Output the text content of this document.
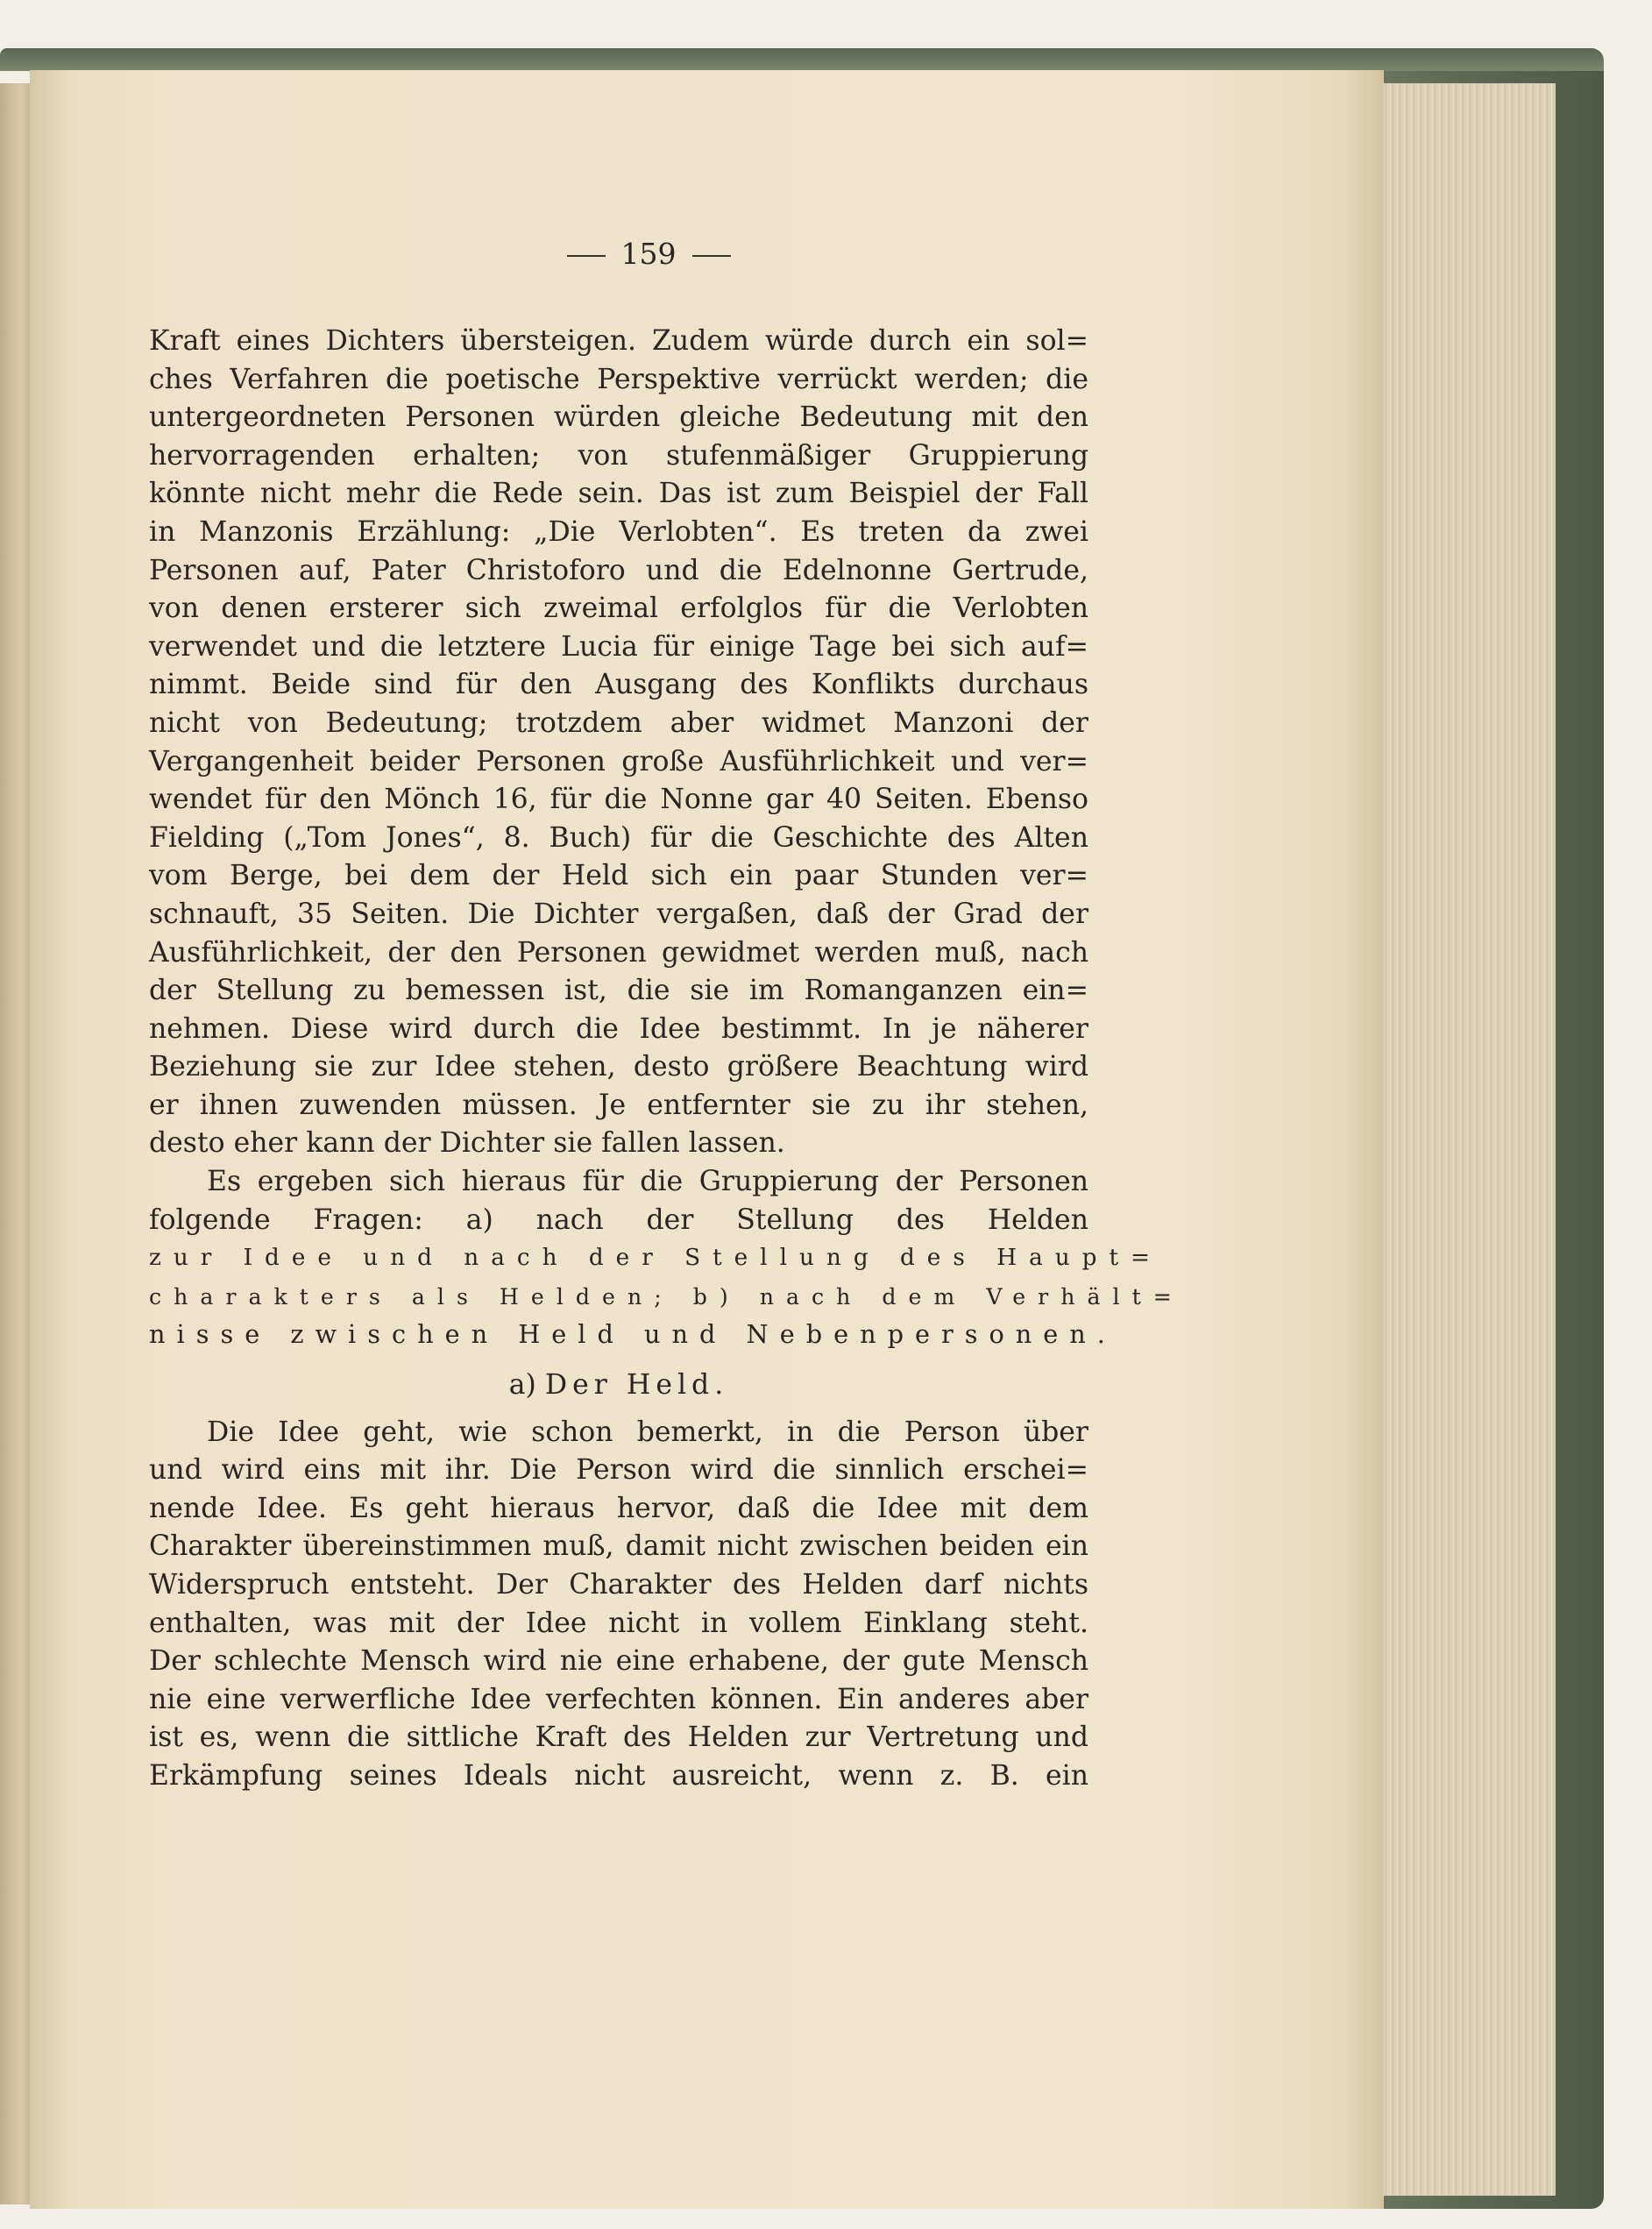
159
Kraft eines Dichters übersteigen. Zudem würde durch ein sol=
ches Verfahren die poetische Perspektive verrückt werden; die
untergeordneten Personen würden gleiche Bedeutung mit den
hervorragenden erhalten; von stufenmäßiger Gruppierung
könnte nicht mehr die Rede sein. Das ist zum Beispiel der Fall
in Manzonis Erzählung: „Die Verlobten“. Es treten da zwei
Personen auf, Pater Christoforo und die Edelnonne Gertrude,
von denen ersterer sich zweimal erfolglos für die Verlobten
verwendet und die letztere Lucia für einige Tage bei sich auf=
nimmt. Beide sind für den Ausgang des Konflikts durchaus
nicht von Bedeutung; trotzdem aber widmet Manzoni der
Vergangenheit beider Personen große Ausführlichkeit und ver=
wendet für den Mönch 16, für die Nonne gar 40 Seiten. Ebenso
Fielding („Tom Jones“, 8. Buch) für die Geschichte des Alten
vom Berge, bei dem der Held sich ein paar Stunden ver=
schnauft, 35 Seiten. Die Dichter vergaßen, daß der Grad der
Ausführlichkeit, der den Personen gewidmet werden muß, nach
der Stellung zu bemessen ist, die sie im Romanganzen ein=
nehmen. Diese wird durch die Idee bestimmt. In je näherer
Beziehung sie zur Idee stehen, desto größere Beachtung wird
er ihnen zuwenden müssen. Je entfernter sie zu ihr stehen,
desto eher kann der Dichter sie fallen lassen.
Es ergeben sich hieraus für die Gruppierung der Personen
folgende Fragen: a) nach der Stellung des Helden
zur Idee und nach der Stellung des Haupt=
charakters als Helden; b) nach dem Verhält=
nisse zwischen Held und Nebenpersonen.
a) Der Held.
Die Idee geht, wie schon bemerkt, in die Person über
und wird eins mit ihr. Die Person wird die sinnlich erschei=
nende Idee. Es geht hieraus hervor, daß die Idee mit dem
Charakter übereinstimmen muß, damit nicht zwischen beiden ein
Widerspruch entsteht. Der Charakter des Helden darf nichts
enthalten, was mit der Idee nicht in vollem Einklang steht.
Der schlechte Mensch wird nie eine erhabene, der gute Mensch
nie eine verwerfliche Idee verfechten können. Ein anderes aber
ist es, wenn die sittliche Kraft des Helden zur Vertretung und
Erkämpfung seines Ideals nicht ausreicht, wenn z. B. ein
